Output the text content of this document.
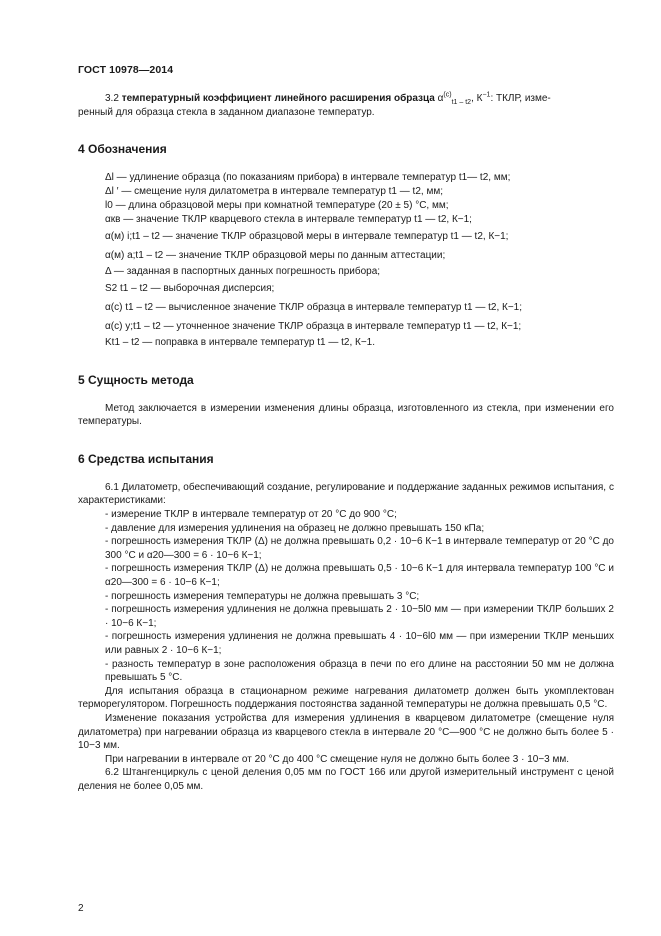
ГОСТ 10978—2014

3.2 температурный коэффициент линейного расширения образца $\alpha^{(c)}_{t1 - t2}$, $К^{-1}$: ТКЛР, изме-

ренный для образца стекла в заданном диапазоне температур.

4 Обозначения
Δl — удлинение образца (по показаниям прибора) в интервале температур t1— t2, мм;
Δl ′ — смещение нуля дилатометра в интервале температур t1 — t2, мм;
l0 — длина образцовой меры при комнатной температуре (20 ± 5) °С, мм;
αкв — значение ТКЛР кварцевого стекла в интервале температур t1 — t2, К−1;
α(м) i;t1 – t2 — значение ТКЛР образцовой меры в интервале температур t1 — t2, К−1;
α(м) а;t1 – t2 — значение ТКЛР образцовой меры по данным аттестации;
Δ — заданная в паспортных данных погрешность прибора;
S2 t1 – t2 — выборочная дисперсия;
α(с) t1 – t2 — вычисленное значение ТКЛР образца в интервале температур t1 — t2, К−1;
α(с) у;t1 – t2 — уточненное значение ТКЛР образца в интервале температур t1 — t2, К−1;
Kt1 – t2 — поправка в интервале температур t1 — t2, К−1.
5 Сущность метода

Метод заключается в измерении изменения длины образца, изготовленного из стекла, при изменении его температуры.

6 Средства испытания

6.1 Дилатометр, обеспечивающий создание, регулирование и поддержание заданных режимов испытания, с характеристиками:

- измерение ТКЛР в интервале температур от 20 °С до 900 °С;
- давление для измерения удлинения на образец не должно превышать 150 кПа;
- погрешность измерения ТКЛР (Δ) не должна превышать 0,2 · 10−6 К−1 в интервале температур от 20 °С до 300 °С и α20—300 = 6 · 10−6 К−1;
- погрешность измерения ТКЛР (Δ) не должна превышать 0,5 · 10−6 К−1 для интервала температур 100 °С и α20—300 = 6 · 10−6 К−1;
- погрешность измерения температуры не должна превышать 3 °С;
- погрешность измерения удлинения не должна превышать 2 · 10−5l0 мм — при измерении ТКЛР больших 2 · 10−6 К−1;
- погрешность измерения удлинения не должна превышать 4 · 10−6l0 мм — при измерении ТКЛР меньших или равных 2 · 10−6 К−1;
- разность температур в зоне расположения образца в печи по его длине на расстоянии 50 мм не должна превышать 5 °С.

Для испытания образца в стационарном режиме нагревания дилатометр должен быть укомплектован терморегулятором. Погрешность поддержания постоянства заданной температуры не должна превышать 0,5 °С.

Изменение показания устройства для измерения удлинения в кварцевом дилатометре (смещение нуля дилатометра) при нагревании образца из кварцевого стекла в интервале 20 °С—900 °С не должно быть более 5 · 10−3 мм.

При нагревании в интервале от 20 °С до 400 °С смещение нуля не должно быть более 3 · 10−3 мм.

6.2 Штангенциркуль с ценой деления 0,05 мм по ГОСТ 166 или другой измерительный инструмент с ценой деления не более 0,05 мм.

2
